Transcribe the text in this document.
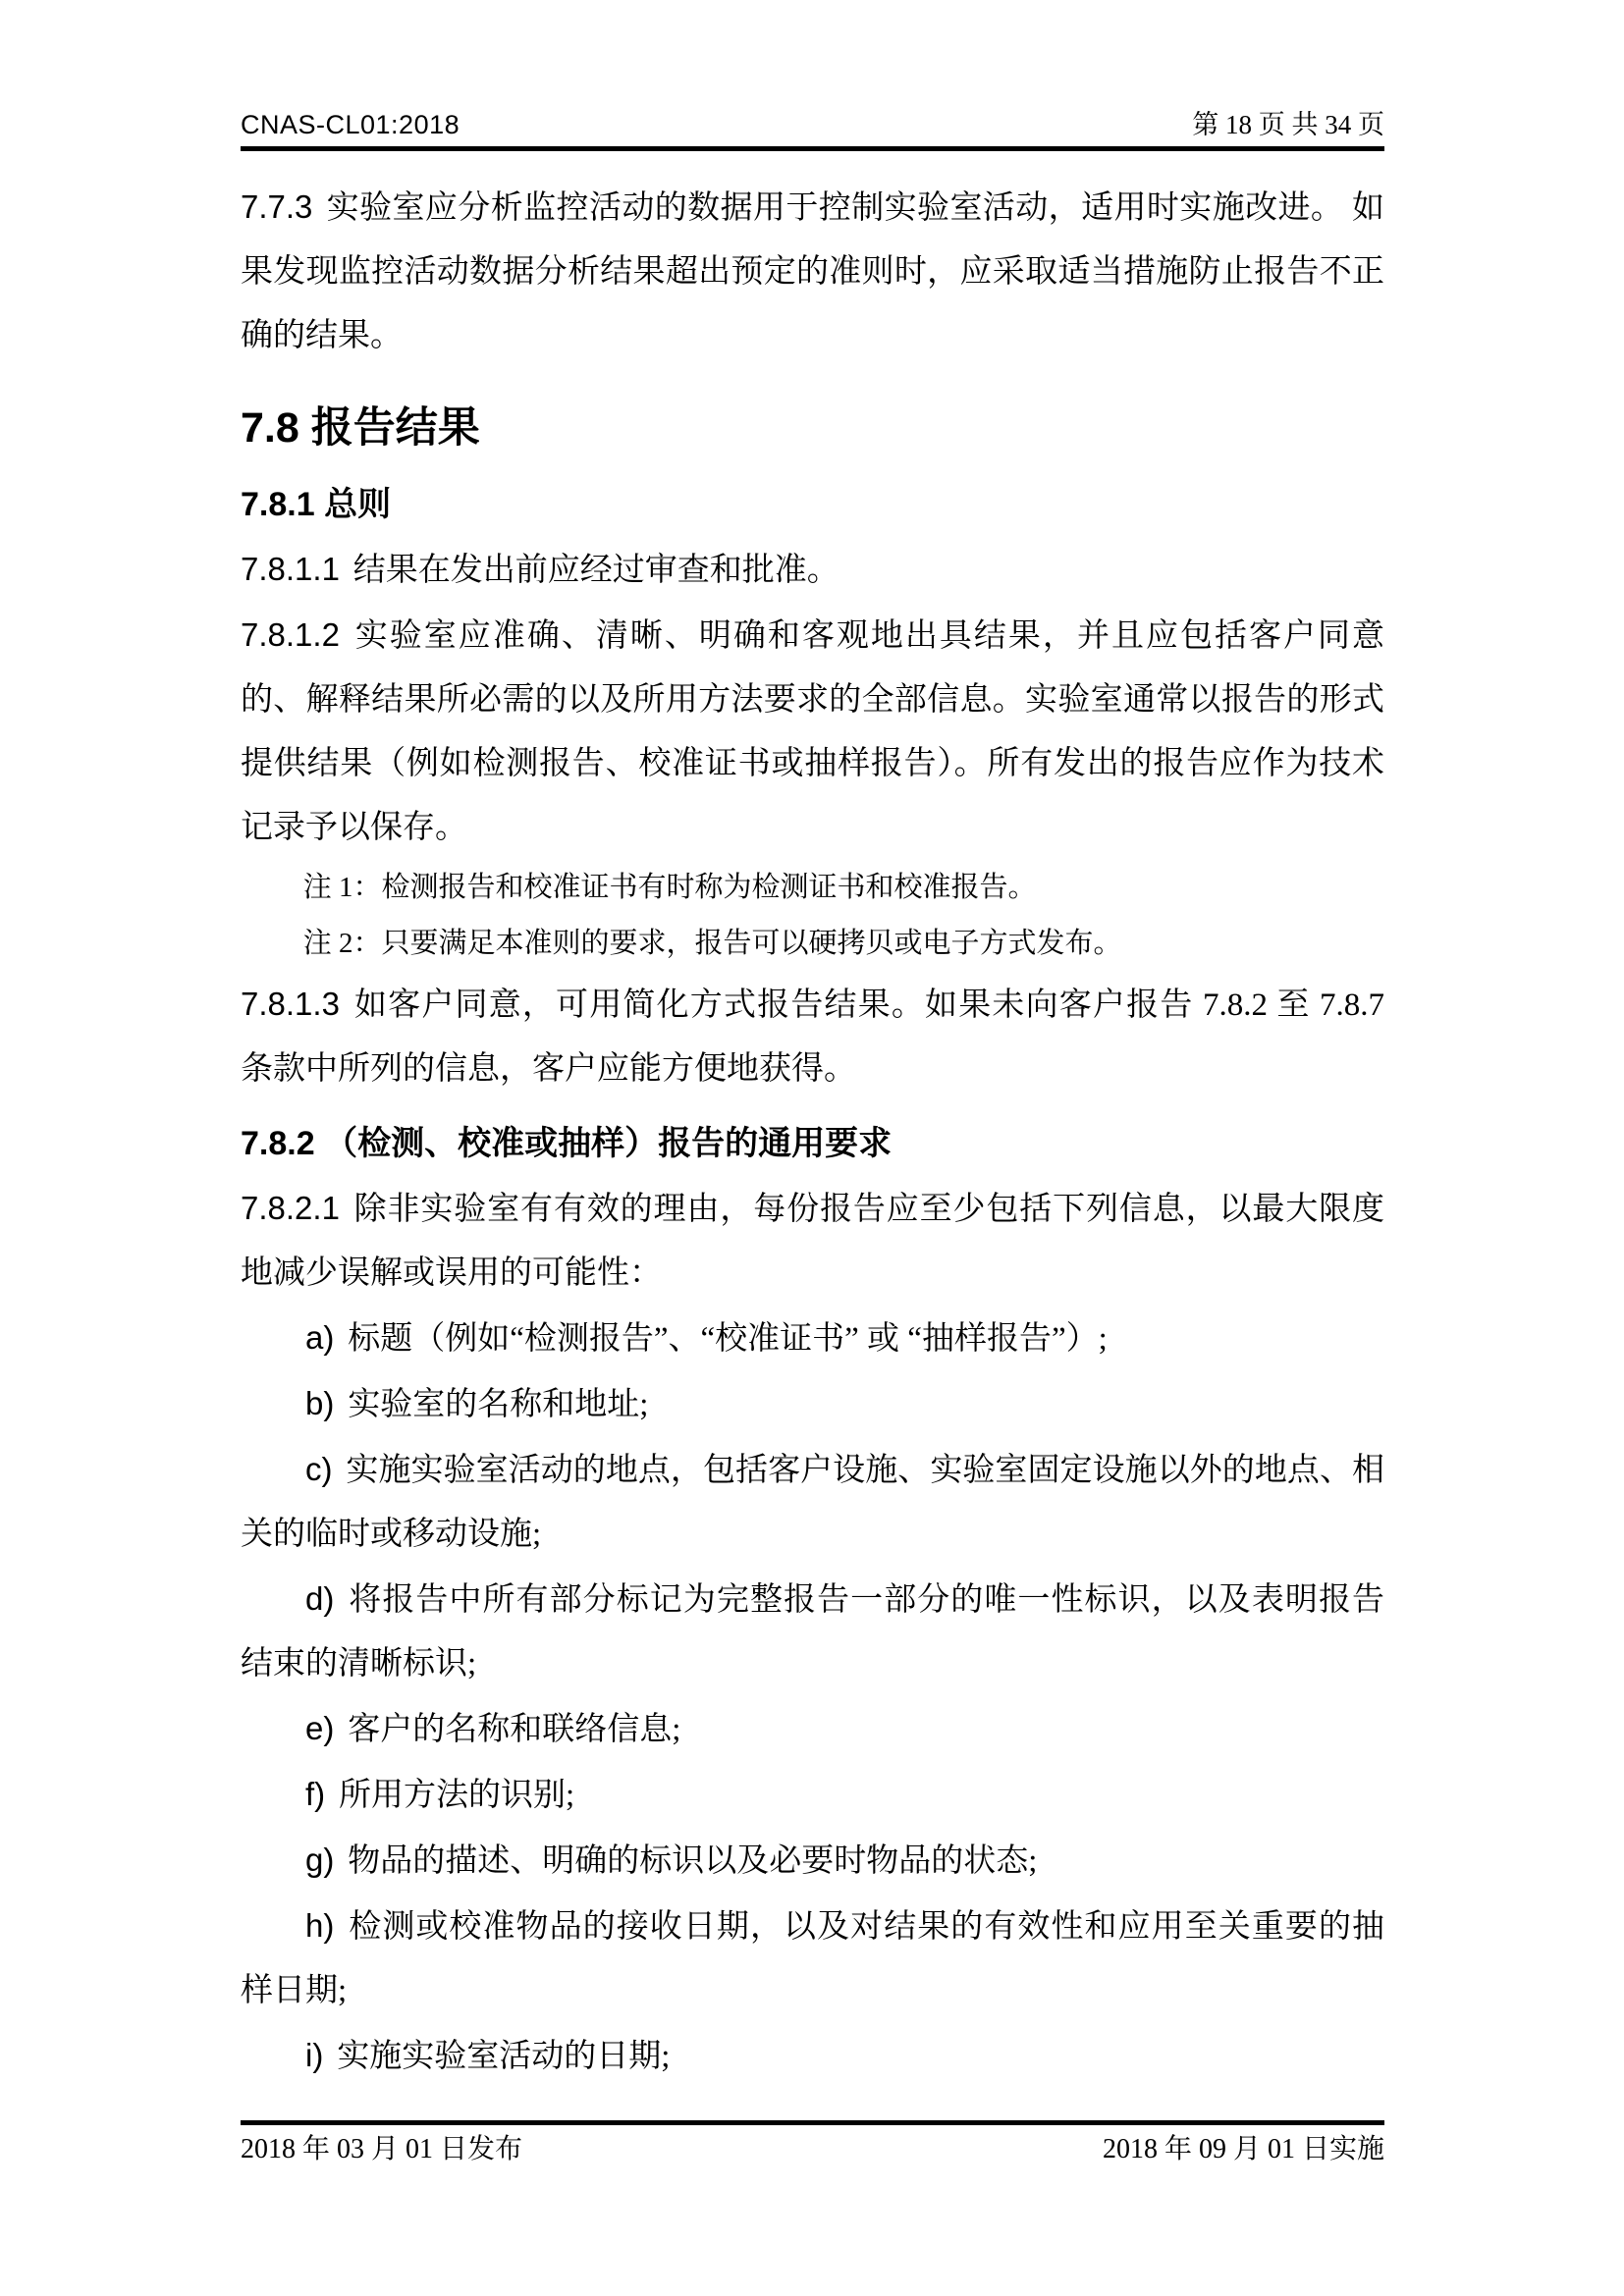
CNAS-CL01:2018	第 18 页 共 34 页

7.7.3 实验室应分析监控活动的数据用于控制实验室活动，适用时实施改进。 如果发现监控活动数据分析结果超出预定的准则时，应采取适当措施防止报告不正确的结果。

7.8 报告结果

7.8.1 总则

7.8.1.1 结果在发出前应经过审查和批准。

7.8.1.2 实验室应准确、清晰、明确和客观地出具结果，并且应包括客户同意的、解释结果所必需的以及所用方法要求的全部信息。实验室通常以报告的形式提供结果（例如检测报告、校准证书或抽样报告）。所有发出的报告应作为技术记录予以保存。

注 1：检测报告和校准证书有时称为检测证书和校准报告。

注 2：只要满足本准则的要求，报告可以硬拷贝或电子方式发布。

7.8.1.3 如客户同意，可用简化方式报告结果。如果未向客户报告 7.8.2 至 7.8.7 条款中所列的信息，客户应能方便地获得。

7.8.2 （检测、校准或抽样）报告的通用要求

7.8.2.1 除非实验室有有效的理由，每份报告应至少包括下列信息，以最大限度地减少误解或误用的可能性：

a) 标题（例如“检测报告”、“校准证书” 或 “抽样报告”）;

b) 实验室的名称和地址;

c) 实施实验室活动的地点，包括客户设施、实验室固定设施以外的地点、相关的临时或移动设施;

d) 将报告中所有部分标记为完整报告一部分的唯一性标识，以及表明报告结束的清晰标识;

e) 客户的名称和联络信息;

f) 所用方法的识别;

g) 物品的描述、明确的标识以及必要时物品的状态;

h) 检测或校准物品的接收日期，以及对结果的有效性和应用至关重要的抽样日期;

i) 实施实验室活动的日期;

2018 年 03 月 01 日发布	2018 年 09 月 01 日实施
